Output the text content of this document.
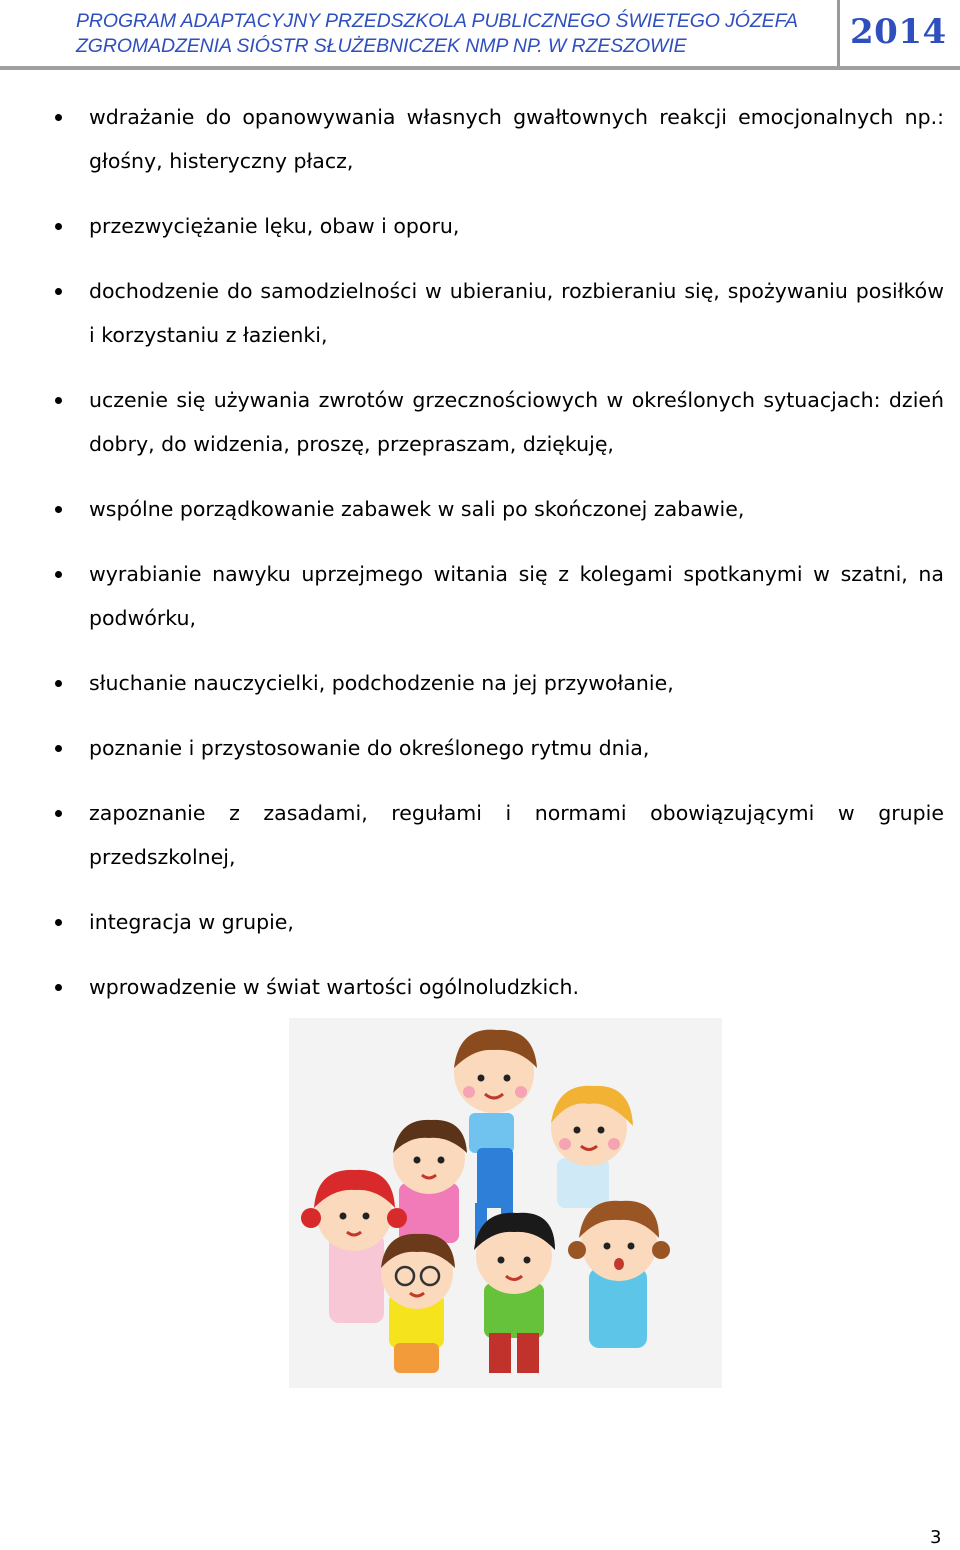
PROGRAM ADAPTACYJNY PRZEDSZKOLA PUBLICZNEGO ŚWIETEGO JÓZEFA
ZGROMADZENIA SIÓSTR SŁUŻEBNICZEK NMP NP. W RZESZOWIE	2014
wdrażanie do opanowywania własnych gwałtownych reakcji emocjonalnych np.: głośny, histeryczny płacz,
przezwyciężanie lęku, obaw i oporu,
dochodzenie do samodzielności w ubieraniu, rozbieraniu się, spożywaniu posiłków i korzystaniu z łazienki,
uczenie się używania zwrotów grzecznościowych w określonych sytuacjach: dzień dobry, do widzenia, proszę, przepraszam, dziękuję,
wspólne porządkowanie zabawek w sali po skończonej zabawie,
wyrabianie nawyku uprzejmego witania się z kolegami spotkanymi w szatni, na podwórku,
słuchanie nauczycielki, podchodzenie na jej przywołanie,
poznanie i przystosowanie do określonego rytmu dnia,
zapoznanie z zasadami, regułami i normami obowiązującymi w grupie przedszkolnej,
integracja w grupie,
wprowadzenie w świat wartości ogólnoludzkich.
3
